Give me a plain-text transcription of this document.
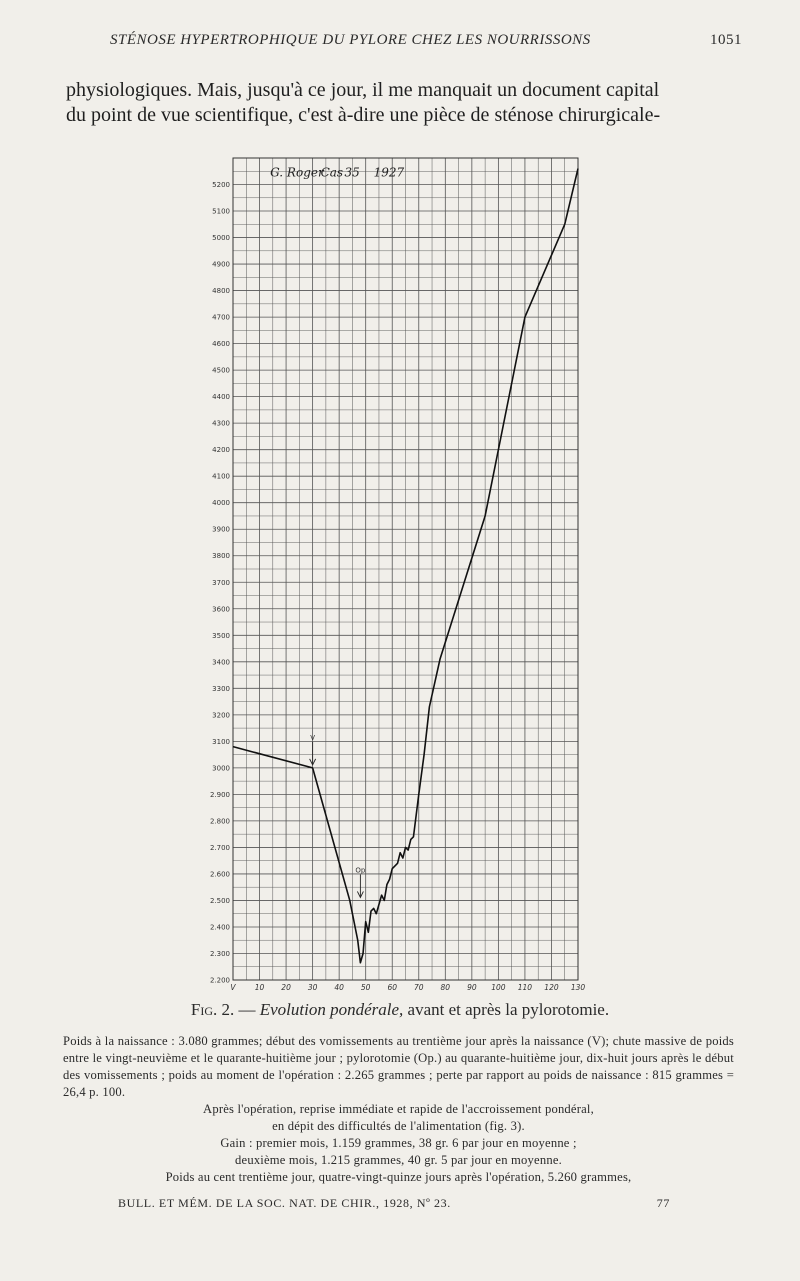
STÉNOSE HYPERTROPHIQUE DU PYLORE CHEZ LES NOURRISSONS	1051
physiologiques. Mais, jusqu'à ce jour, il me manquait un document capital
du point de vue scientifique, c'est à-dire une pièce de sténose chirurgicale-
G. Roger
Cas 35 1927
2.200
2.300
2.400
2.500
2.600
2.700
2.800
2.900
3000
3100
3200
3300
3400
3500
3600
3700
3800
3900
4000
4100
4200
4300
4400
4500
4600
4700
4800
4900
5000
5100
5200
V	10 20 30 40 50 60 70 80 90 100 110 120 130
V
Op
Fig. 2. — Evolution pondérale, avant et après la pylorotomie.
Poids à la naissance : 3.080 grammes; début des vomissements au trentième jour après la naissance (V); chute massive de poids entre le vingt-neuvième et le quarante-huitième jour ; pylorotomie (Op.) au quarante-huitième jour, dix-huit jours après le début des vomissements ; poids au moment de l'opération : 2.265 grammes ; perte par rapport au poids de naissance : 815 grammes = 26,4 p. 100.
Après l'opération, reprise immédiate et rapide de l'accroissement pondéral,
en dépit des difficultés de l'alimentation (fig. 3).
Gain : premier mois, 1.159 grammes, 38 gr. 6 par jour en moyenne ;
deuxième mois, 1.215 grammes, 40 gr. 5 par jour en moyenne.
Poids au cent trentième jour, quatre-vingt-quinze jours après l'opération, 5.260 grammes,
BULL. ET MÉM. DE LA SOC. NAT. DE CHIR., 1928, Nº 23.	77
